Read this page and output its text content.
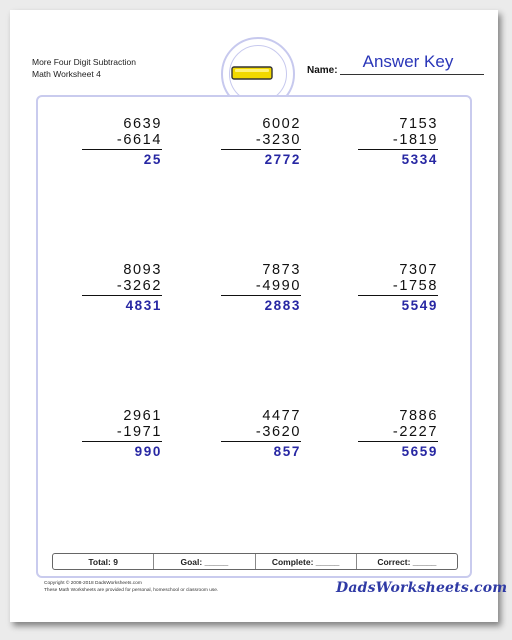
More Four Digit Subtraction
Math Worksheet 4	Name:	Answer Key
6639
-6614
25
6002
-3230
2772
7153
-1819
5334
8093
-3262
4831
7873
-4990
2883
7307
-1758
5549
2961
-1971
990
4477
-3620
857
7886
-2227
5659
Total: 9	Goal: _____	Complete: _____	Correct: _____
Copyright © 2008-2018 DadsWorksheets.com
These Math Worksheets are provided for personal, homeschool or classroom use.	DadsWorksheets.com
